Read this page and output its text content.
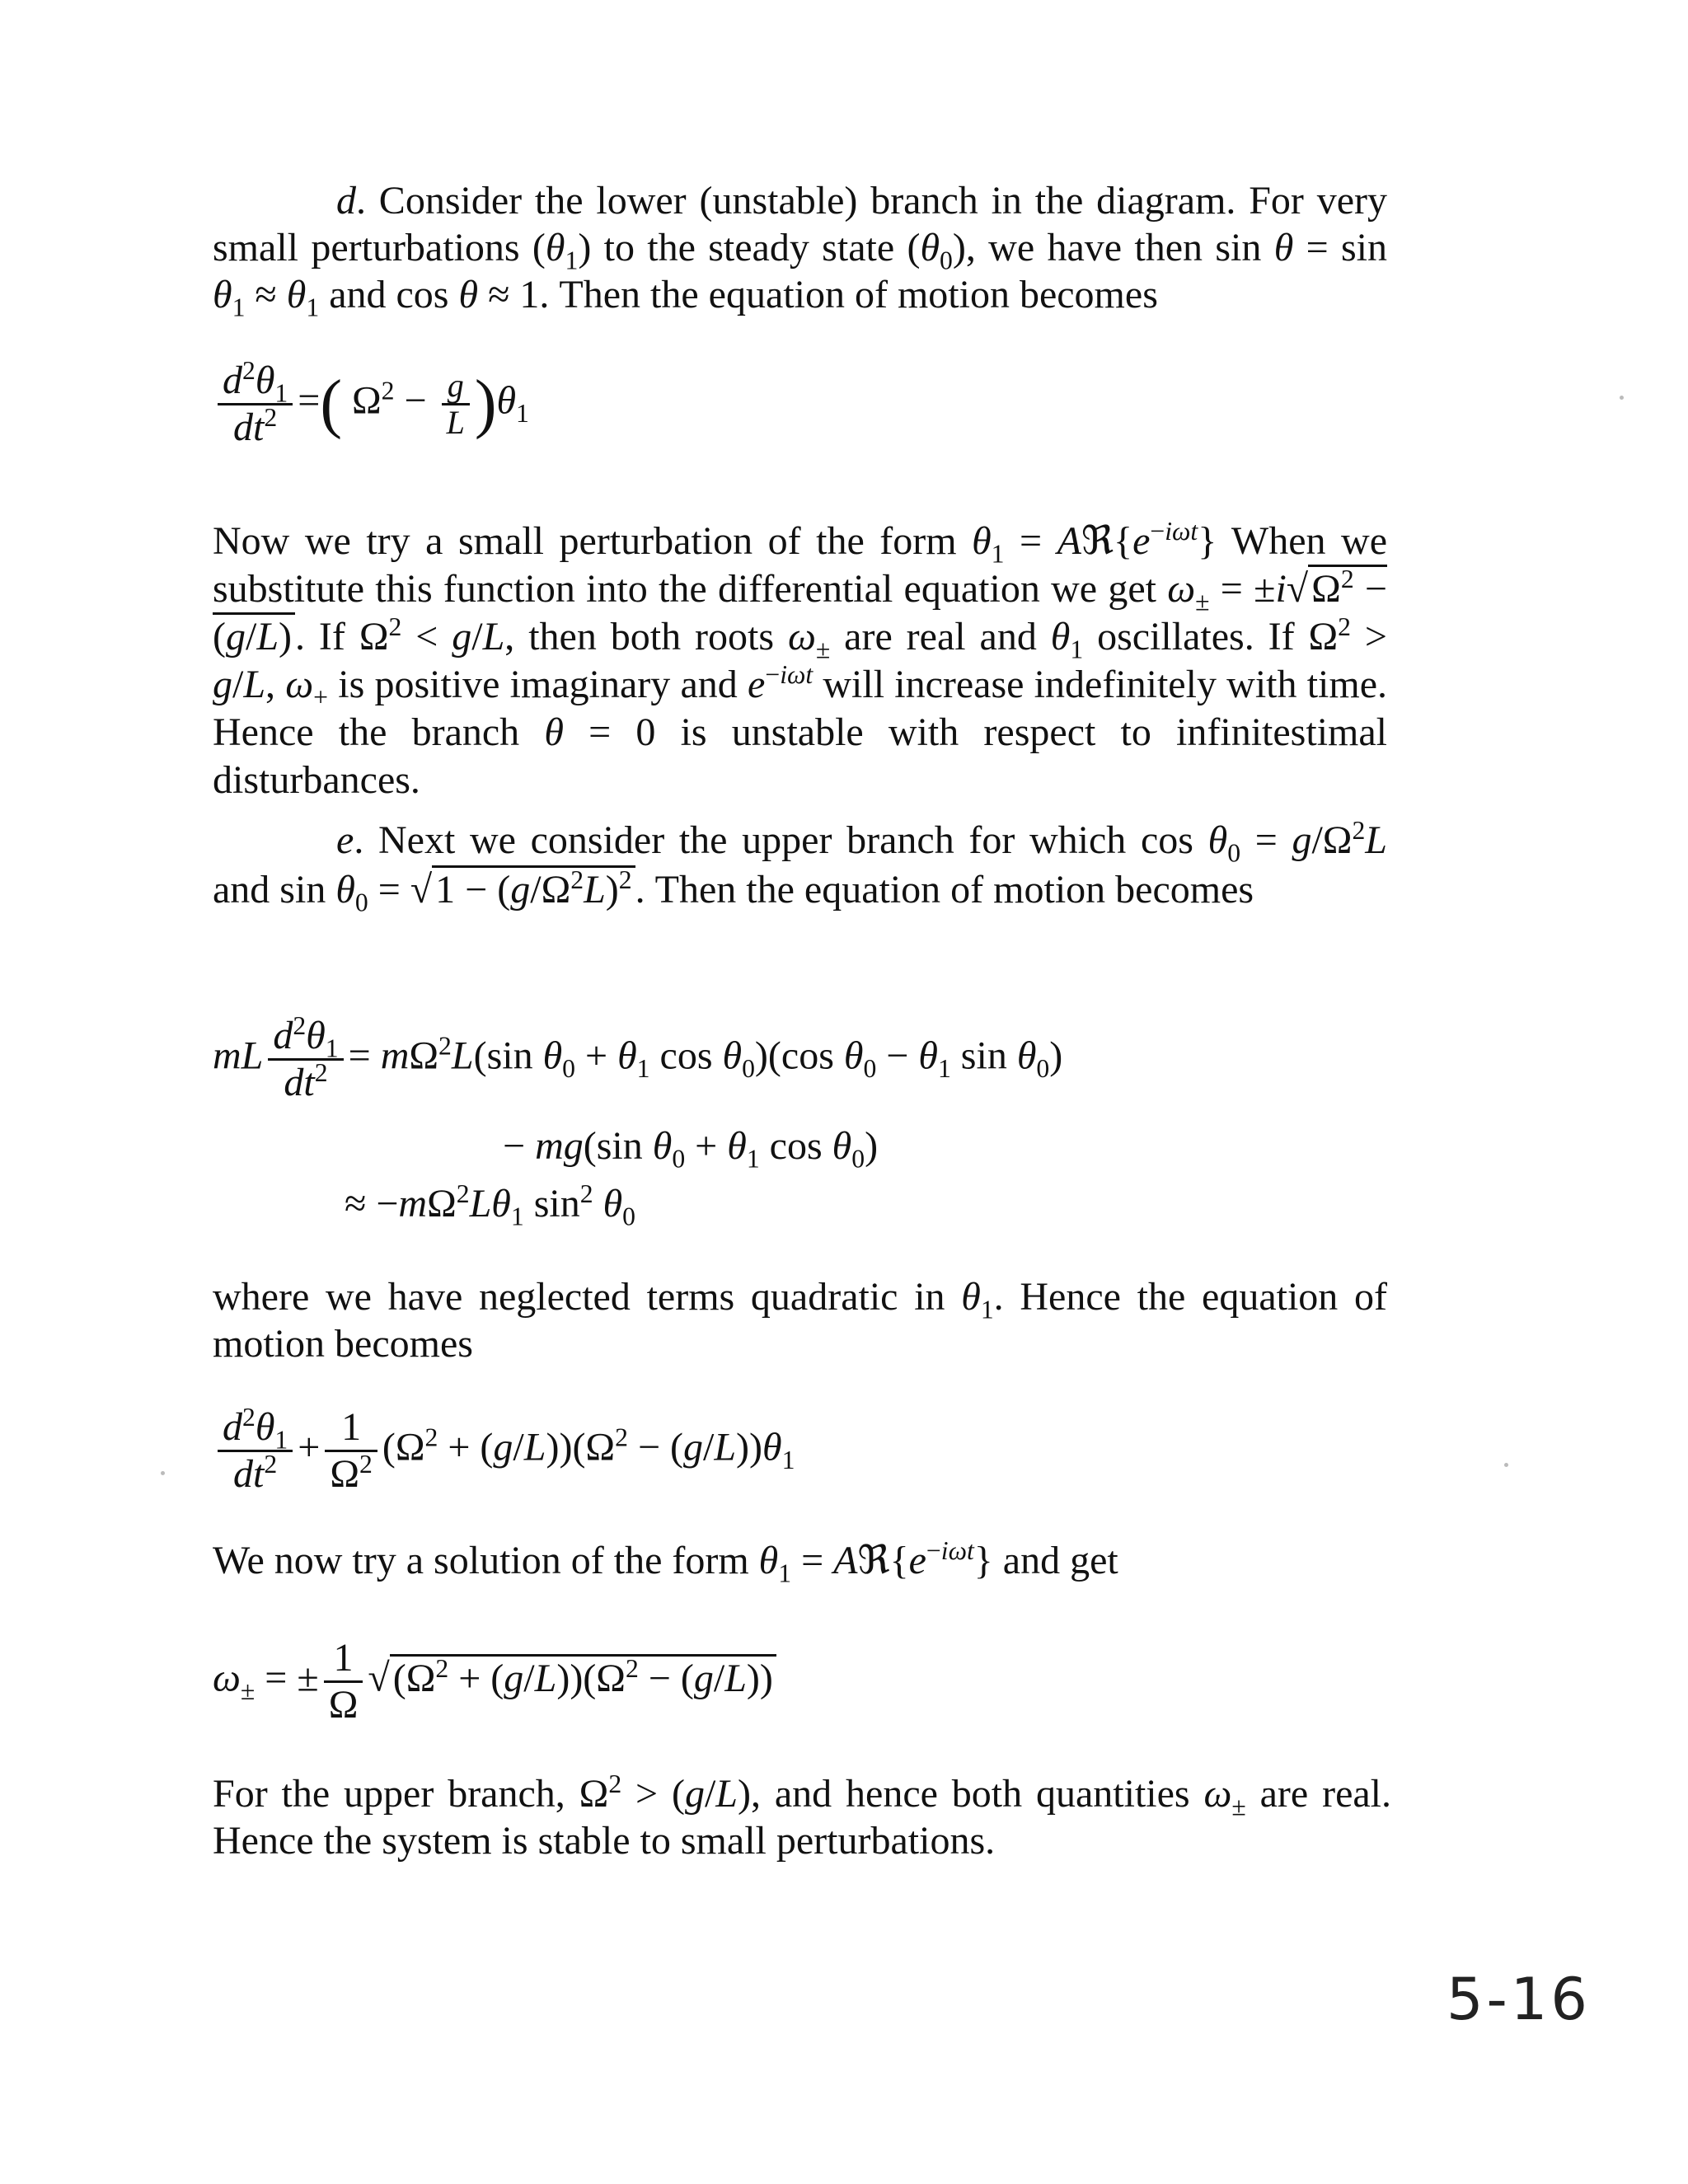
d. Consider the lower (unstable) branch in the diagram. For very small perturbations $(\theta_1)$ to the steady state $(\theta_0)$, we have then $\sin \theta = \sin \theta_1 \approx \theta_1$ and cos θ ≈ 1. Then the equation of motion becomes
$\frac{d^2\theta_1}{dt^2}$ =( $\Omega^2 - \frac{g}{L} )\theta_1$
Now we try a small perturbation of the form $\theta_1$ = $Aℜ\{e^{-i\omega t}\}$ When we substitute this function into the differential equation we get $\omega_\pm = \pm i√\Omega^2 - (g/L)$. If $\Omega^2 < g/L$, then both roots $\omega_\pm$ are real and $\theta_1$ oscillates. If $\Omega^2 > g/L$, $\omega_+$ is positive imaginary and $e^{-i\omega t}$ will increase indefinitely with time. Hence the branch θ = 0 is unstable with respect to infinitestimal disturbances.
e. Next we consider the upper branch for which $\cos \theta_0 = g/\Omega^2L$ and $\sin \theta_0 = √1 - (g/\Omega^2L)^2$. Then the equation of motion becomes
mL $\frac{d^2\theta_1}{dt^2} = m\Omega^2L(\sin$ $\theta_0 + \theta_1$ $\cos \theta_0)(\cos$ $\theta_0 - \theta_1$ $\sin \theta_0$)
− mg(sin $\theta_0 + \theta_1$ $\cos \theta_0$)
≈ $-m\Omega^2L\theta_1$ $\sin^2 \theta_0$
where we have neglected terms quadratic in $\theta_1$. Hence the equation of motion becomes
$\frac{d^2\theta_1}{dt^2} + \frac{1}{\Omega^2} (\Omega^2 + (g/L))(\Omega^2 - (g/L))\theta_1$
We now try a solution of the form $\theta_1$ = $Aℜ\{e^{-i\omega t}\}$ and get
$\omega_\pm$ = ± $\frac{1}{\Omega} √(\Omega^2 + (g/L))(\Omega^2 - (g/L))$
For the upper branch, $\Omega^2 > (g/L)$, and hence both quantities $\omega_\pm$ are real. Hence the system is stable to small perturbations.
5-16
